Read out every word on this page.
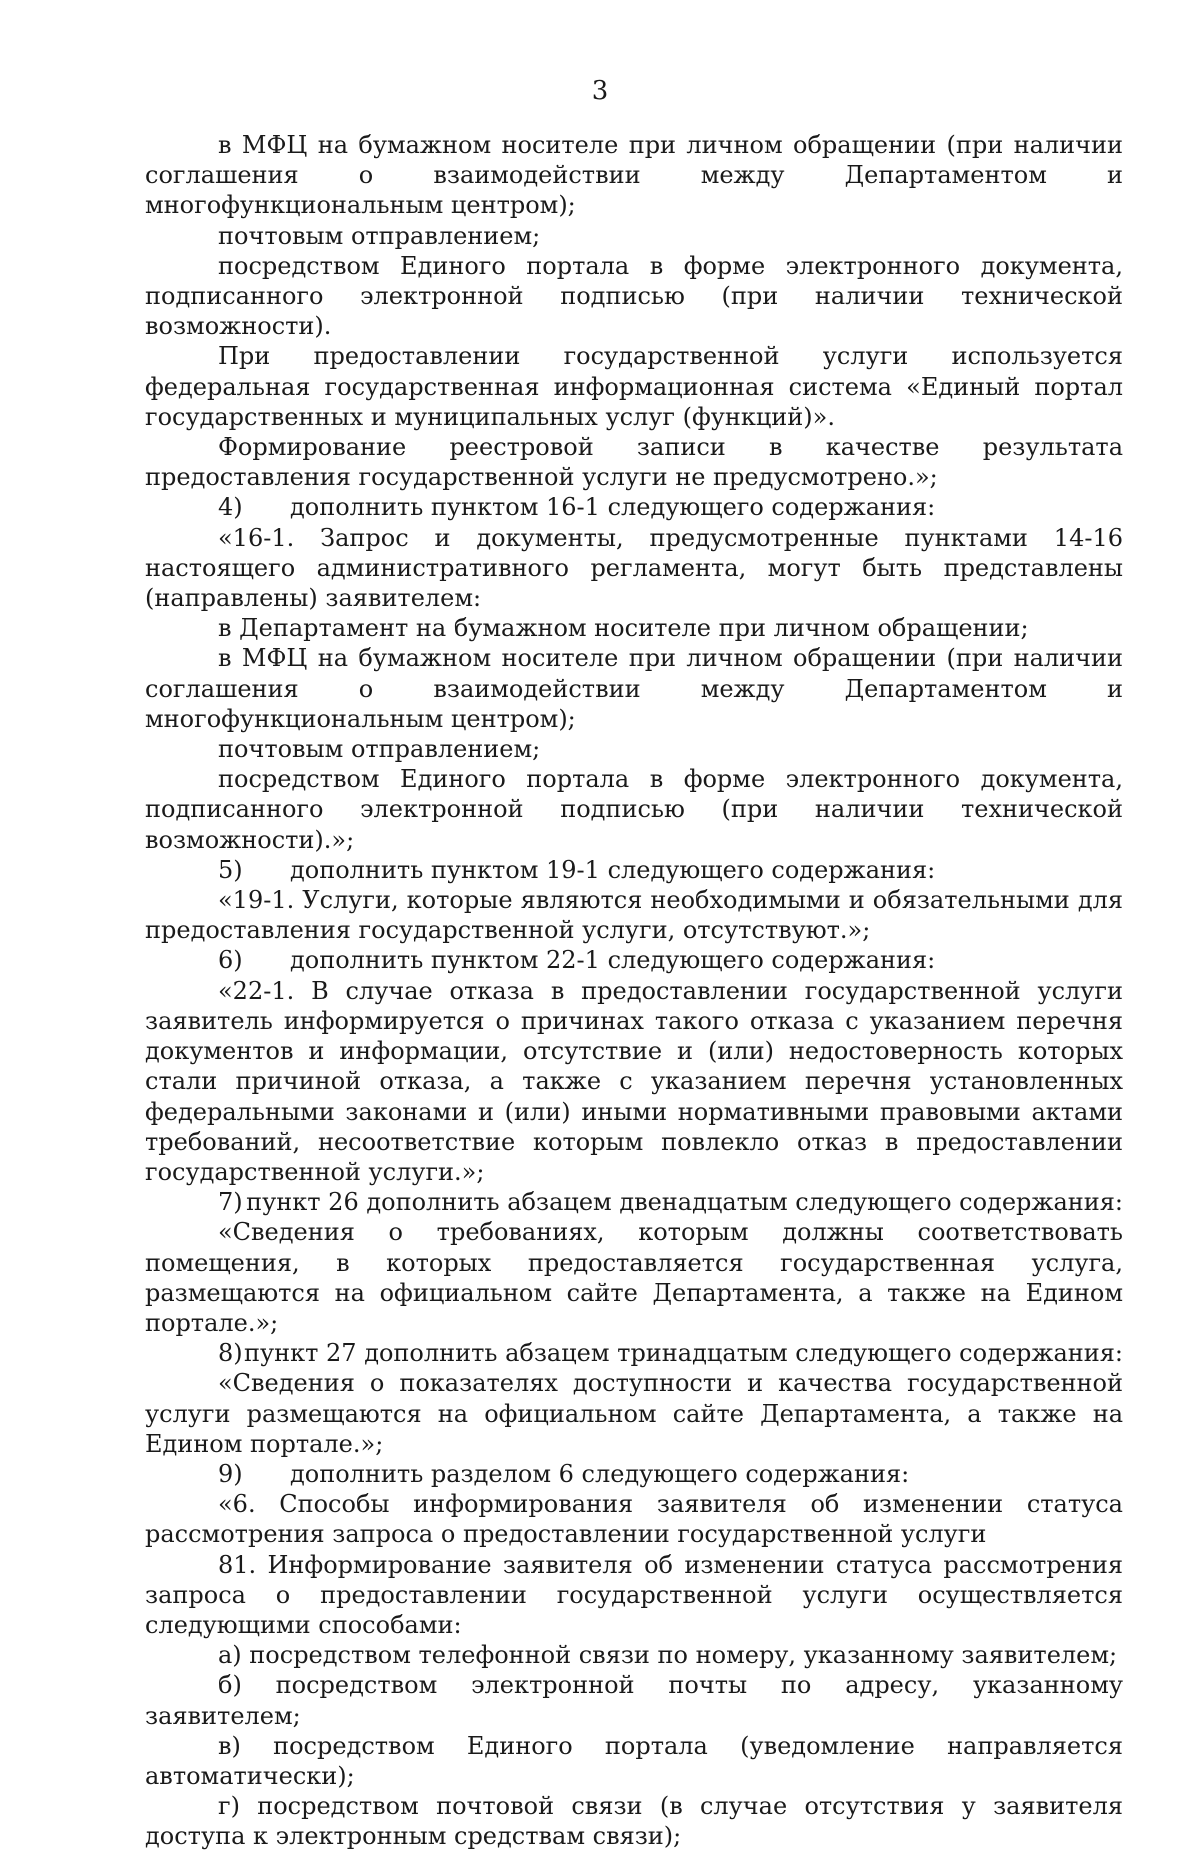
3

в МФЦ на бумажном носителе при личном обращении (при наличии соглашения о взаимодействии между Департаментом и многофункциональным центром);

почтовым отправлением;

посредством Единого портала в форме электронного документа, подписанного электронной подписью (при наличии технической возможности).

При предоставлении государственной услуги используется федеральная государственная информационная система «Единый портал государственных и муниципальных услуг (функций)».

Формирование реестровой записи в качестве результата предоставления государственной услуги не предусмотрено.»;

4)	дополнить пунктом 16-1 следующего содержания:

«16-1. Запрос и документы, предусмотренные пунктами 14-16 настоящего административного регламента, могут быть представлены (направлены) заявителем:

в Департамент на бумажном носителе при личном обращении;

в МФЦ на бумажном носителе при личном обращении (при наличии соглашения о взаимодействии между Департаментом и многофункциональным центром);

почтовым отправлением;

посредством Единого портала в форме электронного документа, подписанного электронной подписью (при наличии технической возможности).»;

5)	дополнить пунктом 19-1 следующего содержания:

«19-1. Услуги, которые являются необходимыми и обязательными для предоставления государственной услуги, отсутствуют.»;

6)	дополнить пунктом 22-1 следующего содержания:

«22-1. В случае отказа в предоставлении государственной услуги заявитель информируется о причинах такого отказа с указанием перечня документов и информации, отсутствие и (или) недостоверность которых стали причиной отказа, а также с указанием перечня установленных федеральными законами и (или) иными нормативными правовыми актами требований, несоответствие которым повлекло отказ в предоставлении государственной услуги.»;

7) пункт 26 дополнить абзацем двенадцатым следующего содержания:

«Сведения о требованиях, которым должны соответствовать помещения, в которых предоставляется государственная услуга, размещаются на официальном сайте Департамента, а также на Едином портале.»;

8) пункт 27 дополнить абзацем тринадцатым следующего содержания:

«Сведения о показателях доступности и качества государственной услуги размещаются на официальном сайте Департамента, а также на Едином портале.»;

9)	дополнить разделом 6 следующего содержания:

«6. Способы информирования заявителя об изменении статуса рассмотрения запроса о предоставлении государственной услуги

81. Информирование заявителя об изменении статуса рассмотрения запроса о предоставлении государственной услуги осуществляется следующими способами:

а) посредством телефонной связи по номеру, указанному заявителем;

б) посредством электронной почты по адресу, указанному заявителем;

в) посредством Единого портала (уведомление направляется автоматически);

г) посредством почтовой связи (в случае отсутствия у заявителя доступа к электронным средствам связи);
